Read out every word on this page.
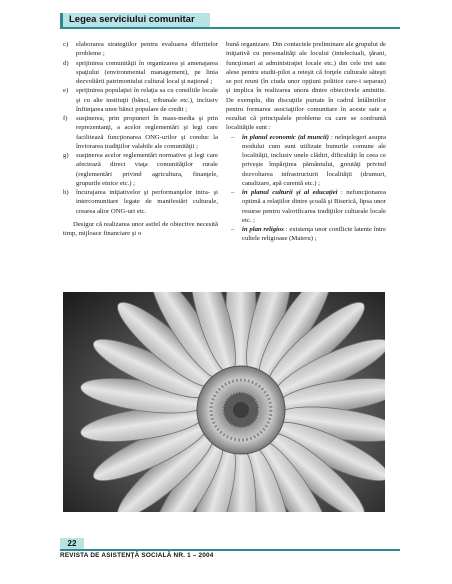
Legea serviciului comunitar
c) elaborarea strategiilor pentru evaluarea diferitelor probleme ;
d) sprijinirea comunităţii în organizarea şi amenajarea spaţiului (environmental management), pe linia dezvoltării patrimoniului cultural local şi naţional ;
e) sprijinirea populaţiei în relaţia sa cu consiliile locale şi cu alte instituţii (bănci, tribunale etc.), inclusiv înfiinţarea unor bănci populare de credit ;
f) susţinerea, prin propuneri în mass-media şi prin reprezentanţi, a acelor reglementări şi legi care facilitează funcţionarea ONG-urilor şi conduc la înviorarea tradiţiilor valabile ale comunităţii ;
g) susţinerea acelor reglementări normative şi legi care afectează direct viaţa comunităţilor rurale (reglementări privind agricultura, finanţele, grupurile etnice etc.) ;
h) încurajarea iniţiativelor şi performanţelor intra- şi intercomunitare legate de manifestări culturale, crearea altor ONG-uri etc.

Desigur că realizarea unor astfel de obiective necesită timp, mijloace financiare şi o

bună organizare. Din contactele preliminare ale grupului de iniţiativă cu personalităţi ale locului (intelectuali, ţărani, funcţionari ai administraţiei locale etc.) din cele trei sate alese pentru studii-pilot a reieşit că forţele culturale săteşti se pot reuni (în ciuda unor opţiuni politice care-i separau) şi implica în realizarea unora dintre obiectivele amintite. De exemplu, din discuţiile purtate în cadrul întâlnirilor pentru formarea asociaţiilor comunitare în aceste sate a rezultat că principalele probleme cu care se confruntă localităţile sunt :

– în planul economic (al muncii) : neînţelegeri asupra modului cum sunt utilizate bunurile comune ale localităţii, inclusiv unele clădiri, dificultăţi în ceea ce priveşte împărţirea pământului, greutăţi privind dezvoltarea infrastructurii localităţii (drumuri, canalizare, apă curentă etc.) ;
– în planul culturii şi al educaţiei : nefuncţionarea optimă a relaţiilor dintre şcoală şi Biserică, lipsa unor resurse pentru valorificarea tradiţiilor culturale locale etc. ;
– în plan religios : existenţa unor conflicte latente între cultele religioase (Maieru) ;
22
REVISTA DE ASISTENŢĂ SOCIALĂ NR. 1 – 2004
